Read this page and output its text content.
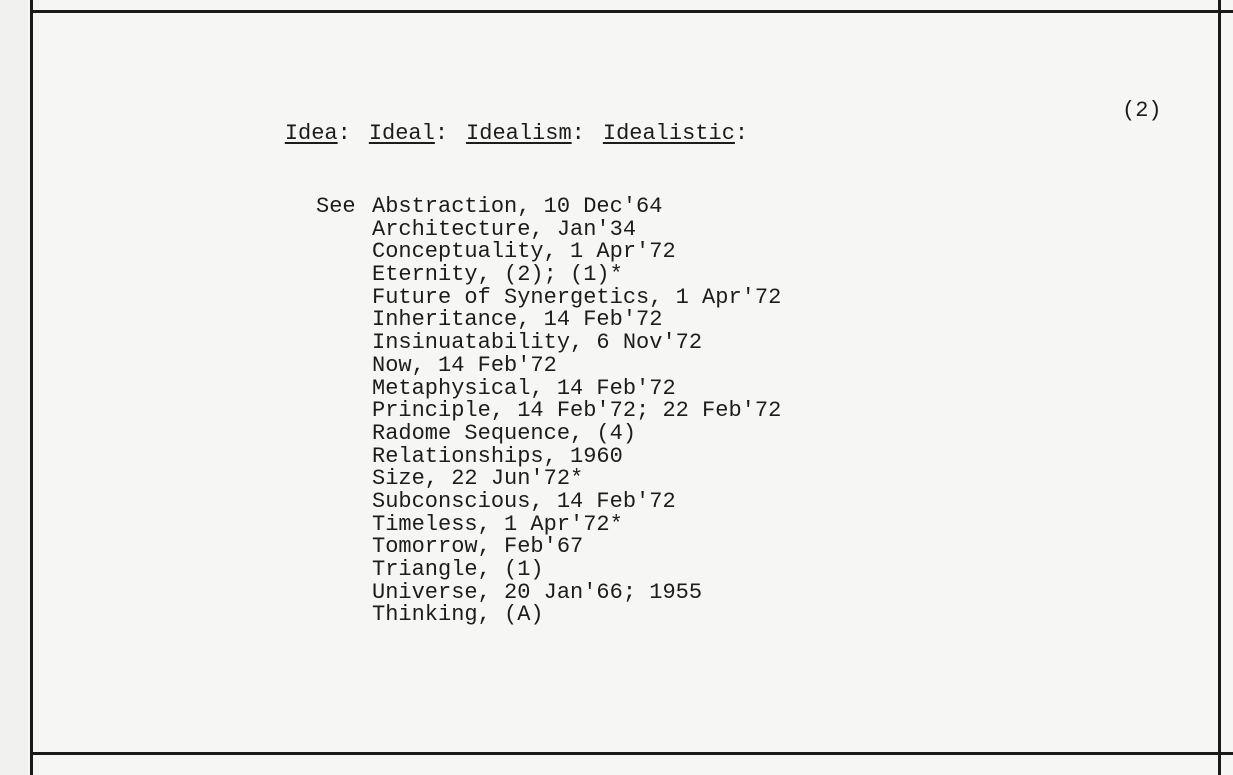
Idea: Ideal: Idealism: Idealistic:

(2)
See Abstraction, 10 Dec'64
Architecture, Jan'34
Conceptuality, 1 Apr'72
Eternity, (2); (1)*
Future of Synergetics, 1 Apr'72
Inheritance, 14 Feb'72
Insinuatability, 6 Nov'72
Now, 14 Feb'72
Metaphysical, 14 Feb'72
Principle, 14 Feb'72; 22 Feb'72
Radome Sequence, (4)
Relationships, 1960
Size, 22 Jun'72*
Subconscious, 14 Feb'72
Timeless, 1 Apr'72*
Tomorrow, Feb'67
Triangle, (1)
Universe, 20 Jan'66; 1955
Thinking, (A)
